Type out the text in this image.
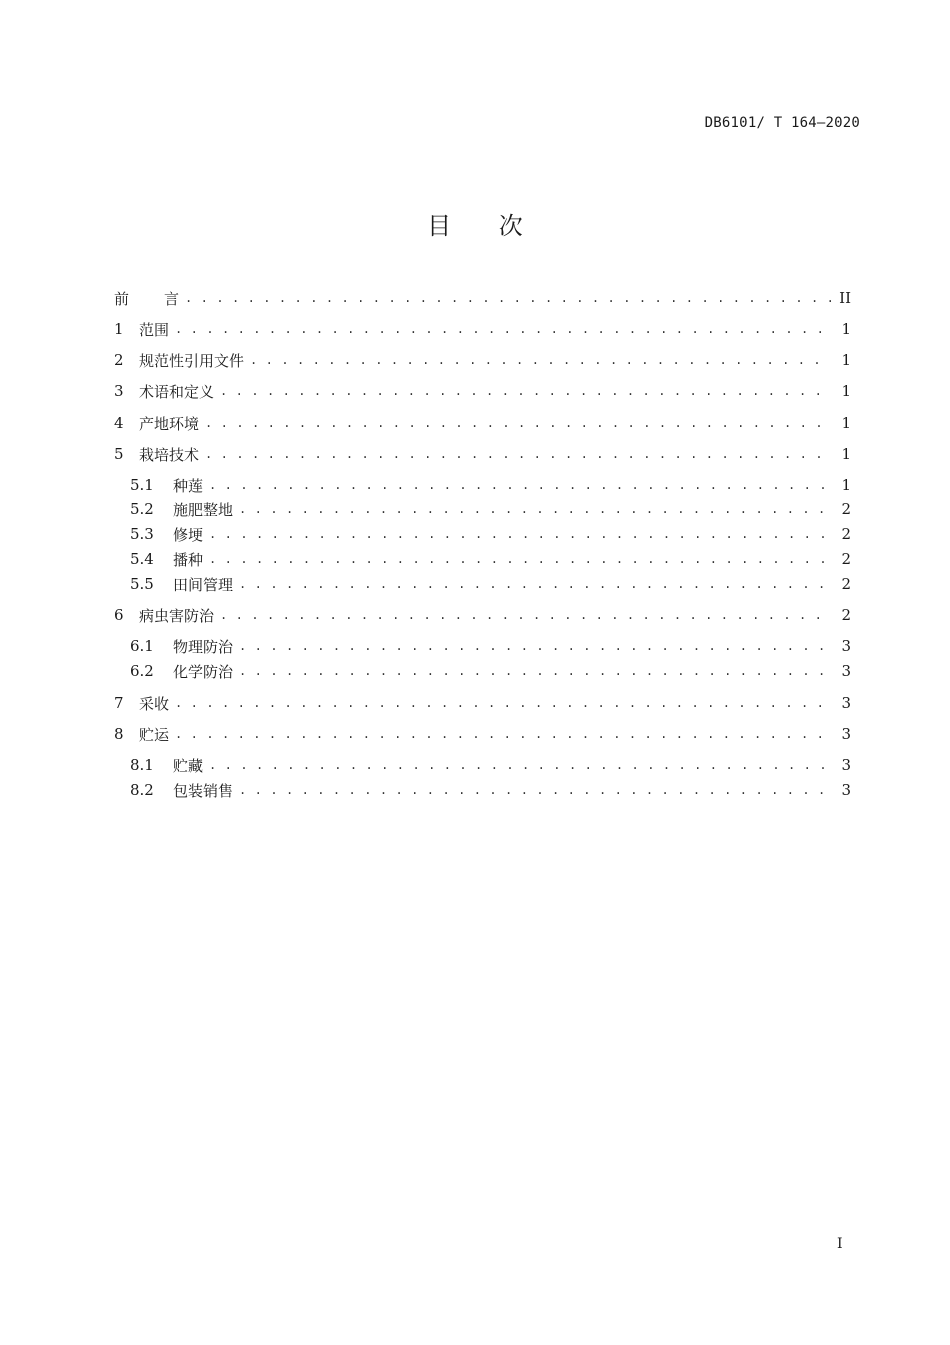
DB6101/ T 164—2020
目 次
前	言 . . .	II
1	范围 . . .	1
2	规范性引用文件 . . .	1
3	术语和定义 . . .	1
4	产地环境 . . .	1
5	栽培技术 . . .	1
5.1	种莲 . . .	1
5.2	施肥整地 . . .	2
5.3	修埂 . . .	2
5.4	播种 . . .	2
5.5	田间管理 . . .	2
6	病虫害防治 . . .	2
6.1	物理防治 . . .	3
6.2	化学防治 . . .	3
7	采收 . . .	3
8	贮运 . . .	3
8.1	贮藏 . . .	3
8.2	包装销售 . . .	3
I
